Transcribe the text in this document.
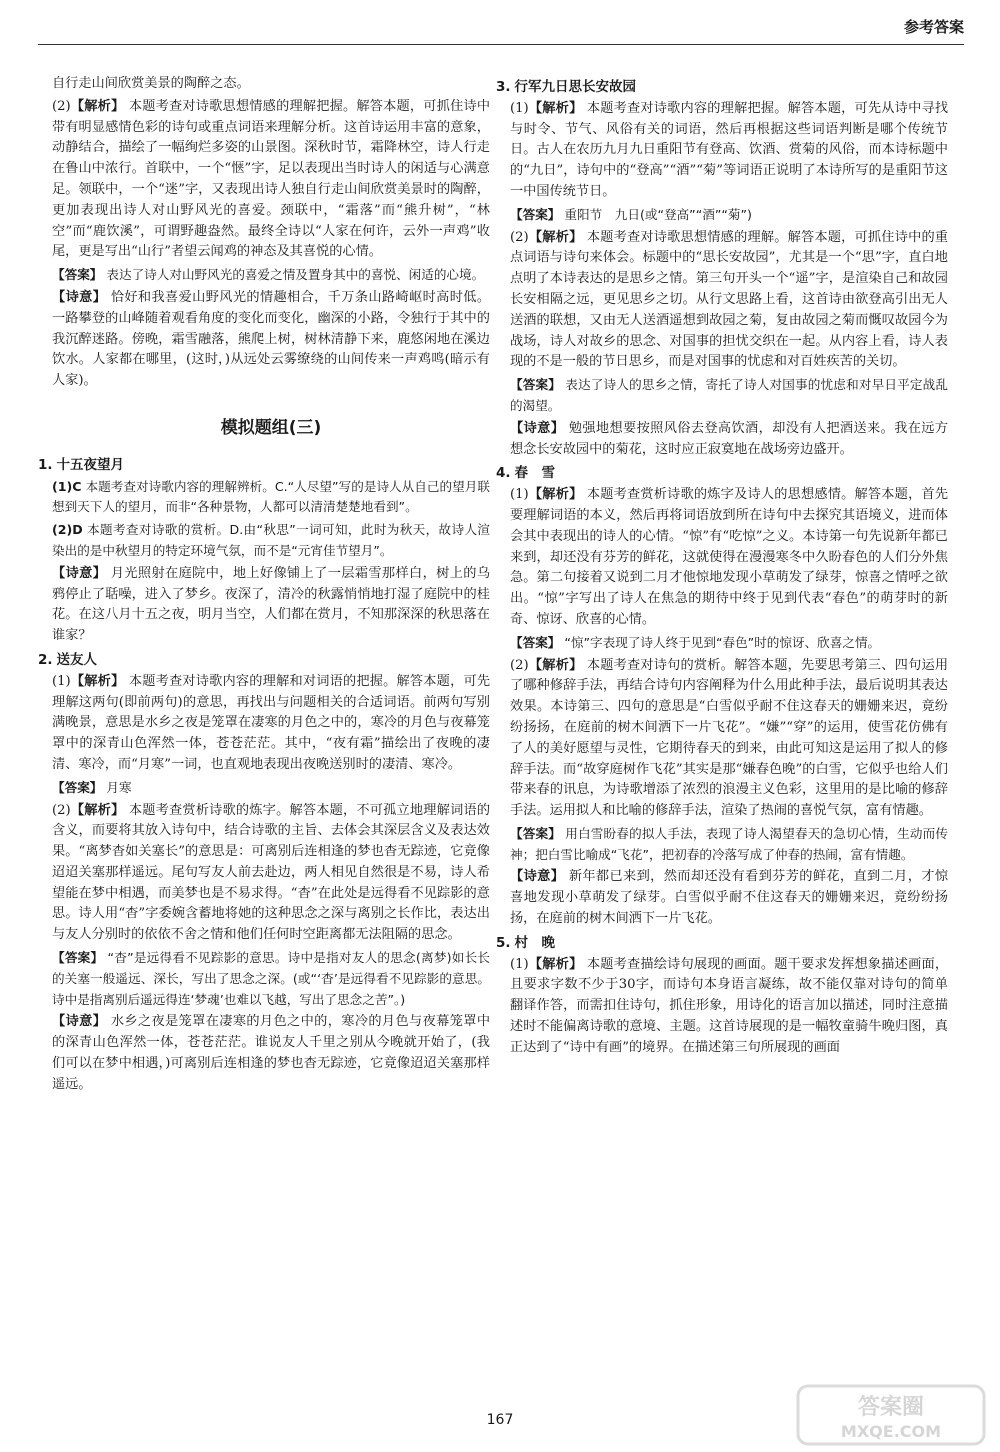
参考答案

自行走山间欣赏美景的陶醉之态。

(2) 【 解析 】 本题考查对诗歌思想情感的理解把握。解答本题，可抓住诗中带有明显感情色彩的诗句或重点词语来理解分析。这首诗运用丰富的意象，动静结合，描绘了一幅绚烂多姿的山景图。深秋时节，霜降林空，诗人行走在鲁山中浓行。首联中，一个“惬”字，足以表现出当时诗人的闲适与心满意足。领联中，一个“迷”字，又表现出诗人独自行走山间欣赏美景时的陶醉，更加表现出诗人对山野风光的喜爱。颈联中，“霜落”而“熊升树”，“林空”而“鹿饮溪”，可谓野趣盎然。最终全诗以“人家在何许，云外一声鸡”收尾，更是写出“山行”者望云闻鸡的神态及其喜悦的心情。

【 答案 】 表达了诗人对山野风光的喜爱之情及置身其中的喜悦、闲适的心境。

【 诗意 】 恰好和我喜爱山野风光的情趣相合，千万条山路崎岖时高时低。一路攀登的山峰随着观看角度的变化而变化，幽深的小路，令独行于其中的我沉醉迷路。傍晚，霜雪融落，熊爬上树，树林清静下来，鹿悠闲地在溪边饮水。人家都在哪里，(这时，)从远处云雾缭绕的山间传来一声鸡鸣(暗示有人家)。

模拟题组(三)
1. 十五夜望月

(1)C 本题考查对诗歌内容的理解辨析。C.“人尽望”写的是诗人从自己的望月联想到天下人的望月，而非“各种景物，人都可以清清楚楚地看到”。

(2)D 本题考查对诗歌的赏析。D.由“秋思”一词可知，此时为秋天，故诗人渲染出的是中秋望月的特定环境气氛，而不是“元宵佳节望月”。

【 诗意 】 月光照射在庭院中，地上好像铺上了一层霜雪那样白，树上的乌鸦停止了聒噪，进入了梦乡。夜深了，清冷的秋露悄悄地打湿了庭院中的桂花。在这八月十五之夜，明月当空，人们都在赏月，不知那深深的秋思落在谁家？

2. 送友人

(1) 【 解析 】 本题考查对诗歌内容的理解和对词语的把握。解答本题，可先理解这两句(即前两句)的意思，再找出与问题相关的合适词语。前两句写别满晚景，意思是水乡之夜是笼罩在凄寒的月色之中的，寒冷的月色与夜幕笼罩中的深青山色浑然一体，苍苍茫茫。其中，“夜有霜”描绘出了夜晚的凄清、寒冷，而“月寒”一词，也直观地表现出夜晚送别时的凄清、寒冷。

【 答案 】 月寒

(2) 【 解析 】 本题考查赏析诗歌的炼字。解答本题，不可孤立地理解词语的含义，而要将其放入诗句中，结合诗歌的主旨、去体会其深层含义及表达效果。“离梦杳如关塞长”的意思是：可离别后连相逢的梦也杳无踪迹，它竟像迢迢关塞那样遥远。尾句写友人前去赴边，两人相见自然很是不易，诗人希望能在梦中相遇，而美梦也是不易求得。“杳”在此处是远得看不见踪影的意思。诗人用“杳”字委婉含蓄地将她的这种思念之深与离别之长作比，表达出与友人分别时的依依不舍之情和他们任何时空距离都无法阻隔的思念。

【 答案 】 “杳”是远得看不见踪影的意思。诗中是指对友人的思念(离梦)如长长的关塞一般遥远、深长，写出了思念之深。(或“‘杳’是远得看不见踪影的意思。诗中是指离别后遥远得连‘梦魂’也难以飞越，写出了思念之苦”。)

【 诗意 】 水乡之夜是笼罩在凄寒的月色之中的，寒冷的月色与夜幕笼罩中的深青山色浑然一体，苍苍茫茫。谁说友人千里之别从今晚就开始了，(我们可以在梦中相遇，)可离别后连相逢的梦也杳无踪迹，它竟像迢迢关塞那样遥远。

3. 行军九日思长安故园

(1) 【 解析 】 本题考查对诗歌内容的理解把握。解答本题，可先从诗中寻找与时令、节气、风俗有关的词语，然后再根据这些词语判断是哪个传统节日。古人在农历九月九日重阳节有登高、饮酒、赏菊的风俗，而本诗标题中的“九日”，诗句中的“登高”“酒”“菊”等词语正说明了本诗所写的是重阳节这一中国传统节日。

【 答案 】 重阳节　九日(或“登高”“酒”“菊”)

(2) 【 解析 】 本题考查对诗歌思想情感的理解。解答本题，可抓住诗中的重点词语与诗句来体会。标题中的“思长安故园”，尤其是一个“思”字，直白地点明了本诗表达的是思乡之情。第三句开头一个“遥”字，是渲染自己和故园长安相隔之远，更见思乡之切。从行文思路上看，这首诗由欲登高引出无人送酒的联想，又由无人送酒遥想到故园之菊，复由故园之菊而慨叹故园今为战场，诗人对故乡的思念、对国事的担忧交织在一起。从内容上看，诗人表现的不是一般的节日思乡，而是对国事的忧虑和对百姓疾苦的关切。

【 答案 】 表达了诗人的思乡之情，寄托了诗人对国事的忧虑和对早日平定战乱的渴望。

【 诗意 】 勉强地想要按照风俗去登高饮酒，却没有人把酒送来。我在远方想念长安故园中的菊花，这时应正寂寞地在战场旁边盛开。

4. 春　雪

(1) 【 解析 】 本题考查赏析诗歌的炼字及诗人的思想感情。解答本题，首先要理解词语的本义，然后再将词语放到所在诗句中去探究其语境义，进而体会其中表现出的诗人的心情。“惊”有“吃惊”之义。本诗第一句先说新年都已来到，却还没有芬芳的鲜花，这就使得在漫漫寒冬中久盼春色的人们分外焦急。第二句接着又说到二月才他惊地发现小草萌发了绿芽，惊喜之情呼之欲出。“惊”字写出了诗人在焦急的期待中终于见到代表“春色”的萌芽时的新奇、惊讶、欣喜的心情。

【 答案 】 “惊”字表现了诗人终于见到“春色”时的惊讶、欣喜之情。

(2) 【 解析 】 本题考查对诗句的赏析。解答本题，先要思考第三、四句运用了哪种修辞手法，再结合诗句内容阐释为什么用此种手法，最后说明其表达效果。本诗第三、四句的意思是“白雪似乎耐不住这春天的姗姗来迟，竟纷纷扬扬，在庭前的树木间洒下一片飞花”。“嫌”“穿”的运用，使雪花仿佛有了人的美好愿望与灵性，它期待春天的到来，由此可知这是运用了拟人的修辞手法。而“故穿庭树作飞花”其实是那“嫌春色晚”的白雪，它似乎也给人们带来春的讯息，为诗歌增添了浓烈的浪漫主义色彩，这里用的是比喻的修辞手法。运用拟人和比喻的修辞手法，渲染了热闹的喜悦气氛，富有情趣。

【 答案 】 用白雪盼春的拟人手法，表现了诗人渴望春天的急切心情，生动而传神；把白雪比喻成“飞花”，把初春的冷落写成了仲春的热闹，富有情趣。

【 诗意 】 新年都已来到，然而却还没有看到芬芳的鲜花，直到二月，才惊喜地发现小草萌发了绿芽。白雪似乎耐不住这春天的姗姗来迟，竟纷纷扬扬，在庭前的树木间洒下一片飞花。

5. 村　晚

(1) 【 解析 】 本题考查描绘诗句展现的画面。题干要求发挥想象描述画面，且要求字数不少于30字，而诗句本身语言凝练，故不能仅靠对诗句的简单翻译作答，而需扣住诗句，抓住形象，用诗化的语言加以描述，同时注意描述时不能偏离诗歌的意境、主题。这首诗展现的是一幅牧童骑牛晚归图，真正达到了“诗中有画”的境界。在描述第三句所展现的画面

167	答案圈
MXQE.COM
